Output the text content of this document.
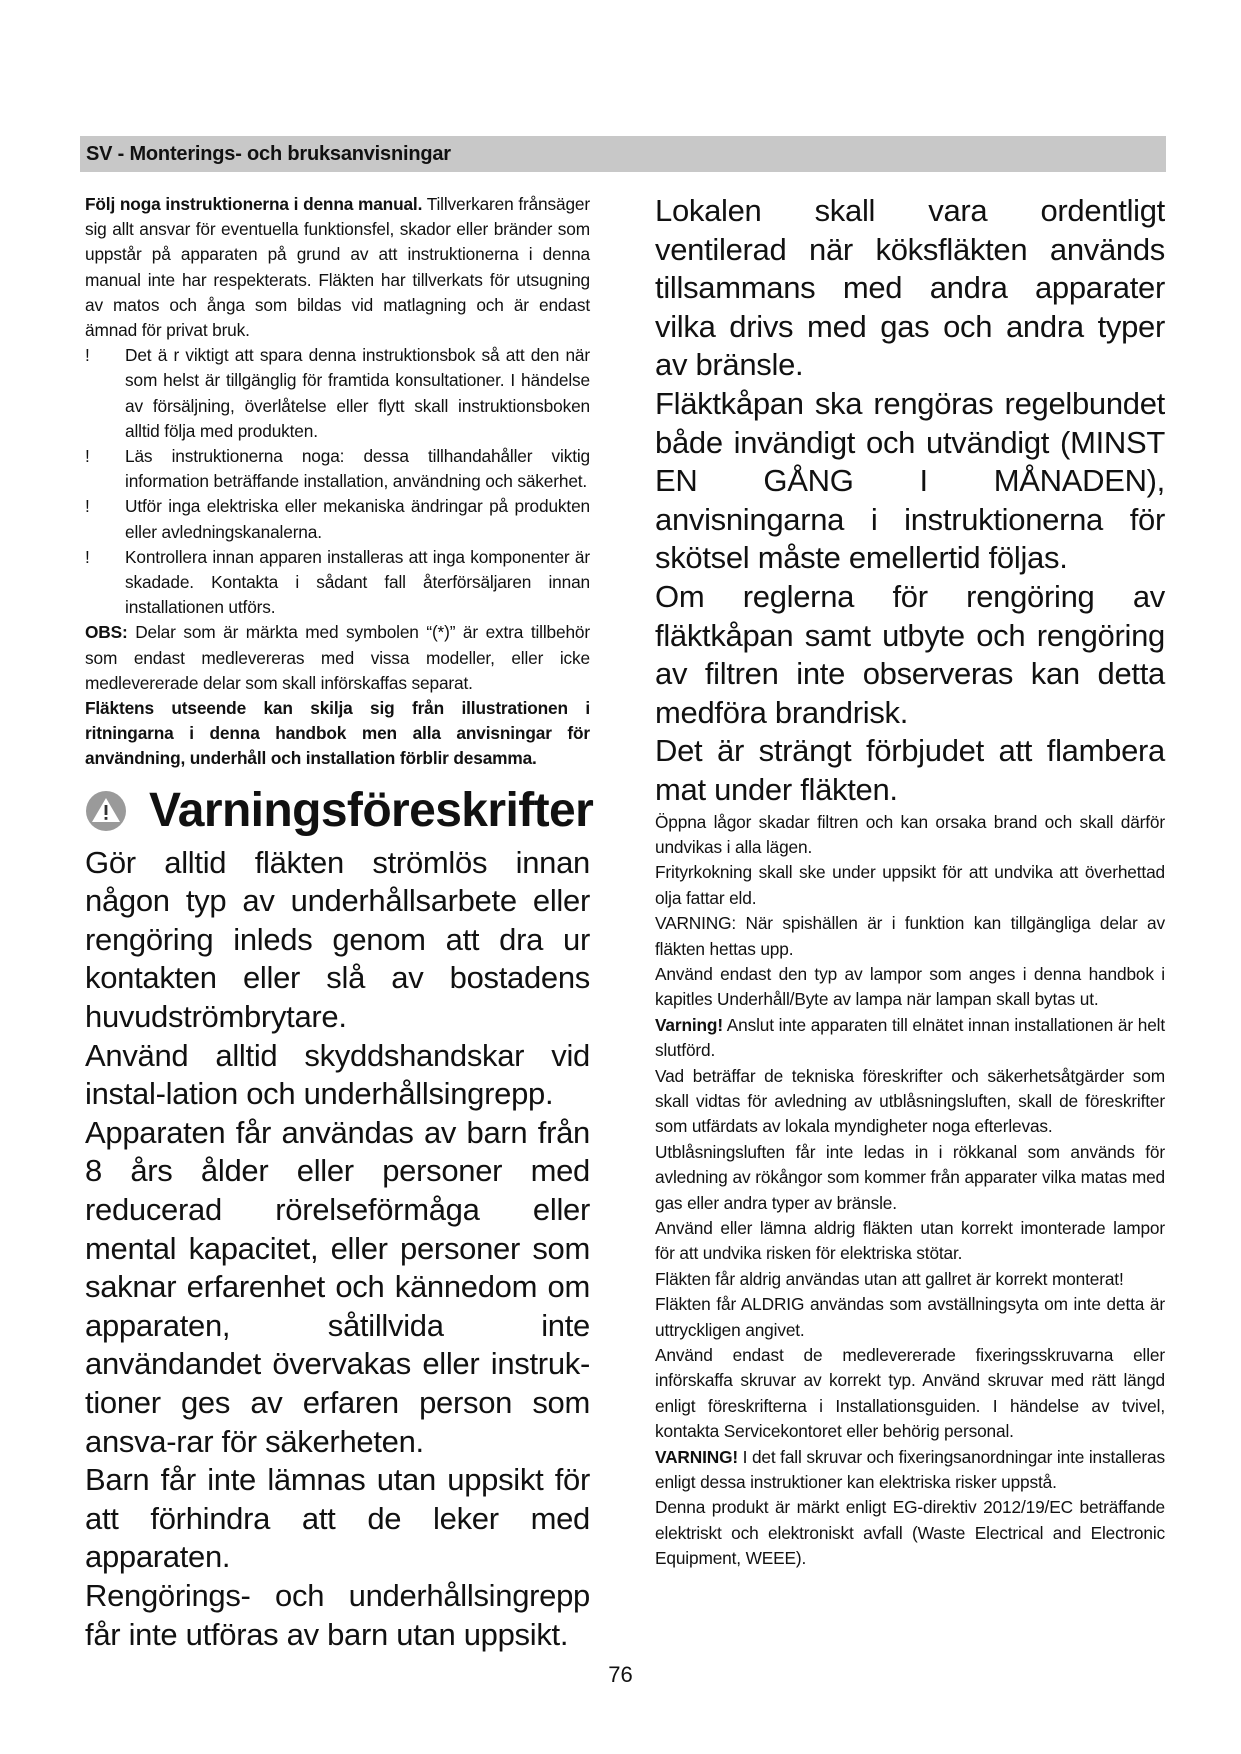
SV - Monterings- och bruksanvisningar

Följ noga instruktionerna i denna manual. Tillverkaren frånsäger sig allt ansvar för eventuella funktionsfel, skador eller bränder som uppstår på apparaten på grund av att instruktionerna i denna manual inte har respekterats. Fläkten har tillverkats för utsugning av matos och ånga som bildas vid matlagning och är endast ämnad för privat bruk.

! Det ä r viktigt att spara denna instruktionsbok så att den när som helst är tillgänglig för framtida konsultationer. I händelse av försäljning, överlåtelse eller flytt skall instruktionsboken alltid följa med produkten.

! Läs instruktionerna noga: dessa tillhandahåller viktig information beträffande installation, användning och säkerhet.

! Utför inga elektriska eller mekaniska ändringar på produkten eller avledningskanalerna.

! Kontrollera innan apparen installeras att inga komponenter är skadade. Kontakta i sådant fall återförsäljaren innan installationen utförs.

OBS: Delar som är märkta med symbolen “(*)” är extra tillbehör som endast medlevereras med vissa modeller, eller icke medlevererade delar som skall införskaffas separat.

Fläktens utseende kan skilja sig från illustrationen i ritningarna i denna handbok men alla anvisningar för användning, underhåll och installation förblir desamma.

Varningsföreskrifter

Gör alltid fläkten strömlös innan någon typ av underhållsarbete eller rengöring inleds genom att dra ur kontakten eller slå av bostadens huvudströmbrytare.

Använd alltid skyddshandskar vid instal-lation och underhållsingrepp.

Apparaten får användas av barn från 8 års ålder eller personer med reducerad rörelseförmåga eller mental kapacitet, eller personer som saknar erfarenhet och kännedom om apparaten, såtillvida inte användandet övervakas eller instruk-tioner ges av erfaren person som ansva-rar för säkerheten.

Barn får inte lämnas utan uppsikt för att förhindra att de leker med apparaten.

Rengörings- och underhållsingrepp får inte utföras av barn utan uppsikt.

Lokalen skall vara ordentligt ventilerad när köksfläkten används tillsammans med andra apparater vilka drivs med gas och andra typer av bränsle.

Fläktkåpan ska rengöras regelbundet både invändigt och utvändigt (MINST EN GÅNG I MÅNADEN), anvisningarna i instruktionerna för skötsel måste emellertid följas.

Om reglerna för rengöring av fläktkåpan samt utbyte och rengöring av filtren inte observeras kan detta medföra brandrisk.

Det är strängt förbjudet att flambera mat under fläkten.

Öppna lågor skadar filtren och kan orsaka brand och skall därför undvikas i alla lägen.

Frityrkokning skall ske under uppsikt för att undvika att överhettad olja fattar eld.

VARNING: När spishällen är i funktion kan tillgängliga delar av fläkten hettas upp.

Använd endast den typ av lampor som anges i denna handbok i kapitles Underhåll/Byte av lampa när lampan skall bytas ut.

Varning! Anslut inte apparaten till elnätet innan installationen är helt slutförd.

Vad beträffar de tekniska föreskrifter och säkerhetsåtgärder som skall vidtas för avledning av utblåsningsluften, skall de föreskrifter som utfärdats av lokala myndigheter noga efterlevas.

Utblåsningsluften får inte ledas in i rökkanal som används för avledning av rökångor som kommer från apparater vilka matas med gas eller andra typer av bränsle.

Använd eller lämna aldrig fläkten utan korrekt imonterade lampor för att undvika risken för elektriska stötar.

Fläkten får aldrig användas utan att gallret är korrekt monterat!

Fläkten får ALDRIG användas som avställningsyta om inte detta är uttryckligen angivet.

Använd endast de medlevererade fixeringsskruvarna eller införskaffa skruvar av korrekt typ. Använd skruvar med rätt längd enligt föreskrifterna i Installationsguiden. I händelse av tvivel, kontakta Servicekontoret eller behörig personal.

VARNING! I det fall skruvar och fixeringsanordningar inte installeras enligt dessa instruktioner kan elektriska risker uppstå.

Denna produkt är märkt enligt EG-direktiv 2012/19/EC beträffande elektriskt och elektroniskt avfall (Waste Electrical and Electronic Equipment, WEEE).

76
